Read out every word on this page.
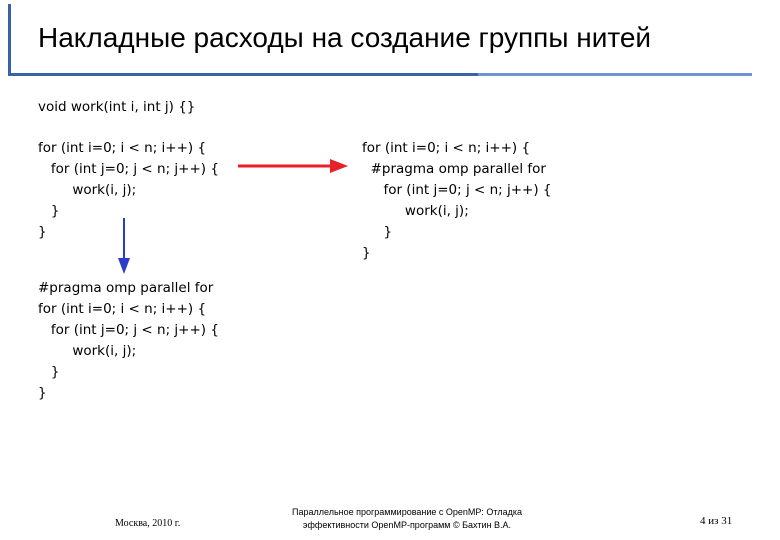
Накладные расходы на создание группы нитей
void work(int i, int j) {}
for (int i=0; i < n; i++) {
for (int j=0; j < n; j++) {
work(i, j);
}
}
for (int i=0; i < n; i++) {
#pragma omp parallel for
for (int j=0; j < n; j++) {
work(i, j);
}
}
#pragma omp parallel for
for (int i=0; i < n; i++) {
for (int j=0; j < n; j++) {
work(i, j);
}
}
Москва, 2010 г.
Параллельное программирование с OpenMP: Отладка
эффективности OpenMP-программ © Бахтин В.А.	4 из 31
